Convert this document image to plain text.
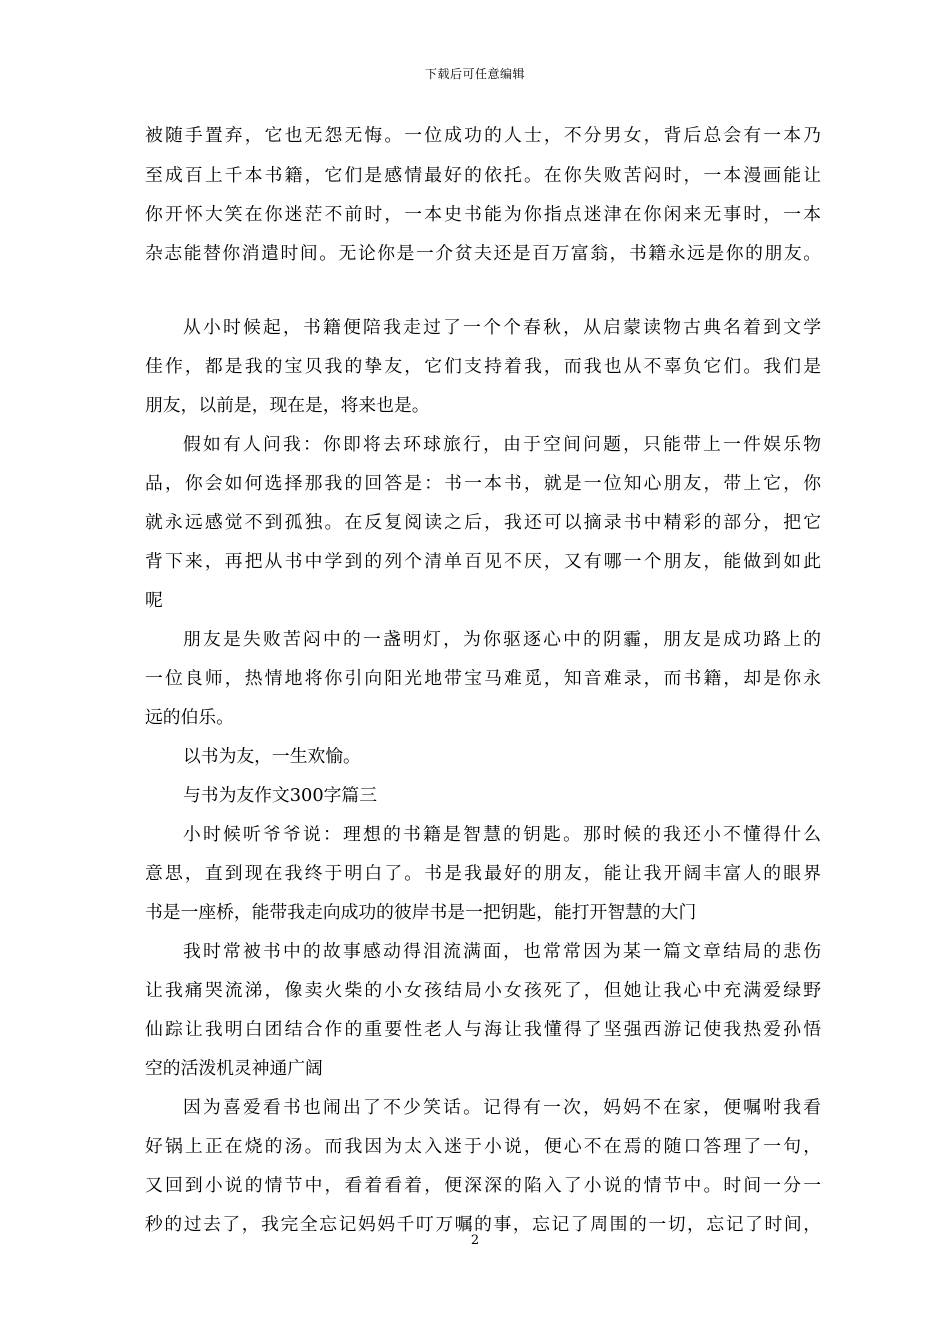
下载后可任意编辑
被随手置弃，它也无怨无悔。一位成功的人士，不分男女，背后总会有一本乃
至成百上千本书籍，它们是感情最好的依托。在你失败苦闷时，一本漫画能让
你开怀大笑在你迷茫不前时，一本史书能为你指点迷津在你闲来无事时，一本
杂志能替你消遣时间。无论你是一介贫夫还是百万富翁，书籍永远是你的朋友。
从小时候起，书籍便陪我走过了一个个春秋，从启蒙读物古典名着到文学
佳作，都是我的宝贝我的挚友，它们支持着我，而我也从不辜负它们。我们是
朋友，以前是，现在是，将来也是。
假如有人问我：你即将去环球旅行，由于空间问题，只能带上一件娱乐物
品，你会如何选择那我的回答是：书一本书，就是一位知心朋友，带上它，你
就永远感觉不到孤独。在反复阅读之后，我还可以摘录书中精彩的部分，把它
背下来，再把从书中学到的列个清单百见不厌，又有哪一个朋友，能做到如此
呢
朋友是失败苦闷中的一盏明灯，为你驱逐心中的阴霾，朋友是成功路上的
一位良师，热情地将你引向阳光地带宝马难觅，知音难录，而书籍，却是你永
远的伯乐。
以书为友，一生欢愉。
与书为友作文300字篇三
小时候听爷爷说：理想的书籍是智慧的钥匙。那时候的我还小不懂得什么
意思，直到现在我终于明白了。书是我最好的朋友，能让我开阔丰富人的眼界
书是一座桥，能带我走向成功的彼岸书是一把钥匙，能打开智慧的大门
我时常被书中的故事感动得泪流满面，也常常因为某一篇文章结局的悲伤
让我痛哭流涕，像卖火柴的小女孩结局小女孩死了，但她让我心中充满爱绿野
仙踪让我明白团结合作的重要性老人与海让我懂得了坚强西游记使我热爱孙悟
空的活泼机灵神通广阔
因为喜爱看书也闹出了不少笑话。记得有一次，妈妈不在家，便嘱咐我看
好锅上正在烧的汤。而我因为太入迷于小说，便心不在焉的随口答理了一句，
又回到小说的情节中，看着看着，便深深的陷入了小说的情节中。时间一分一
秒的过去了，我完全忘记妈妈千叮万嘱的事，忘记了周围的一切，忘记了时间，
2
